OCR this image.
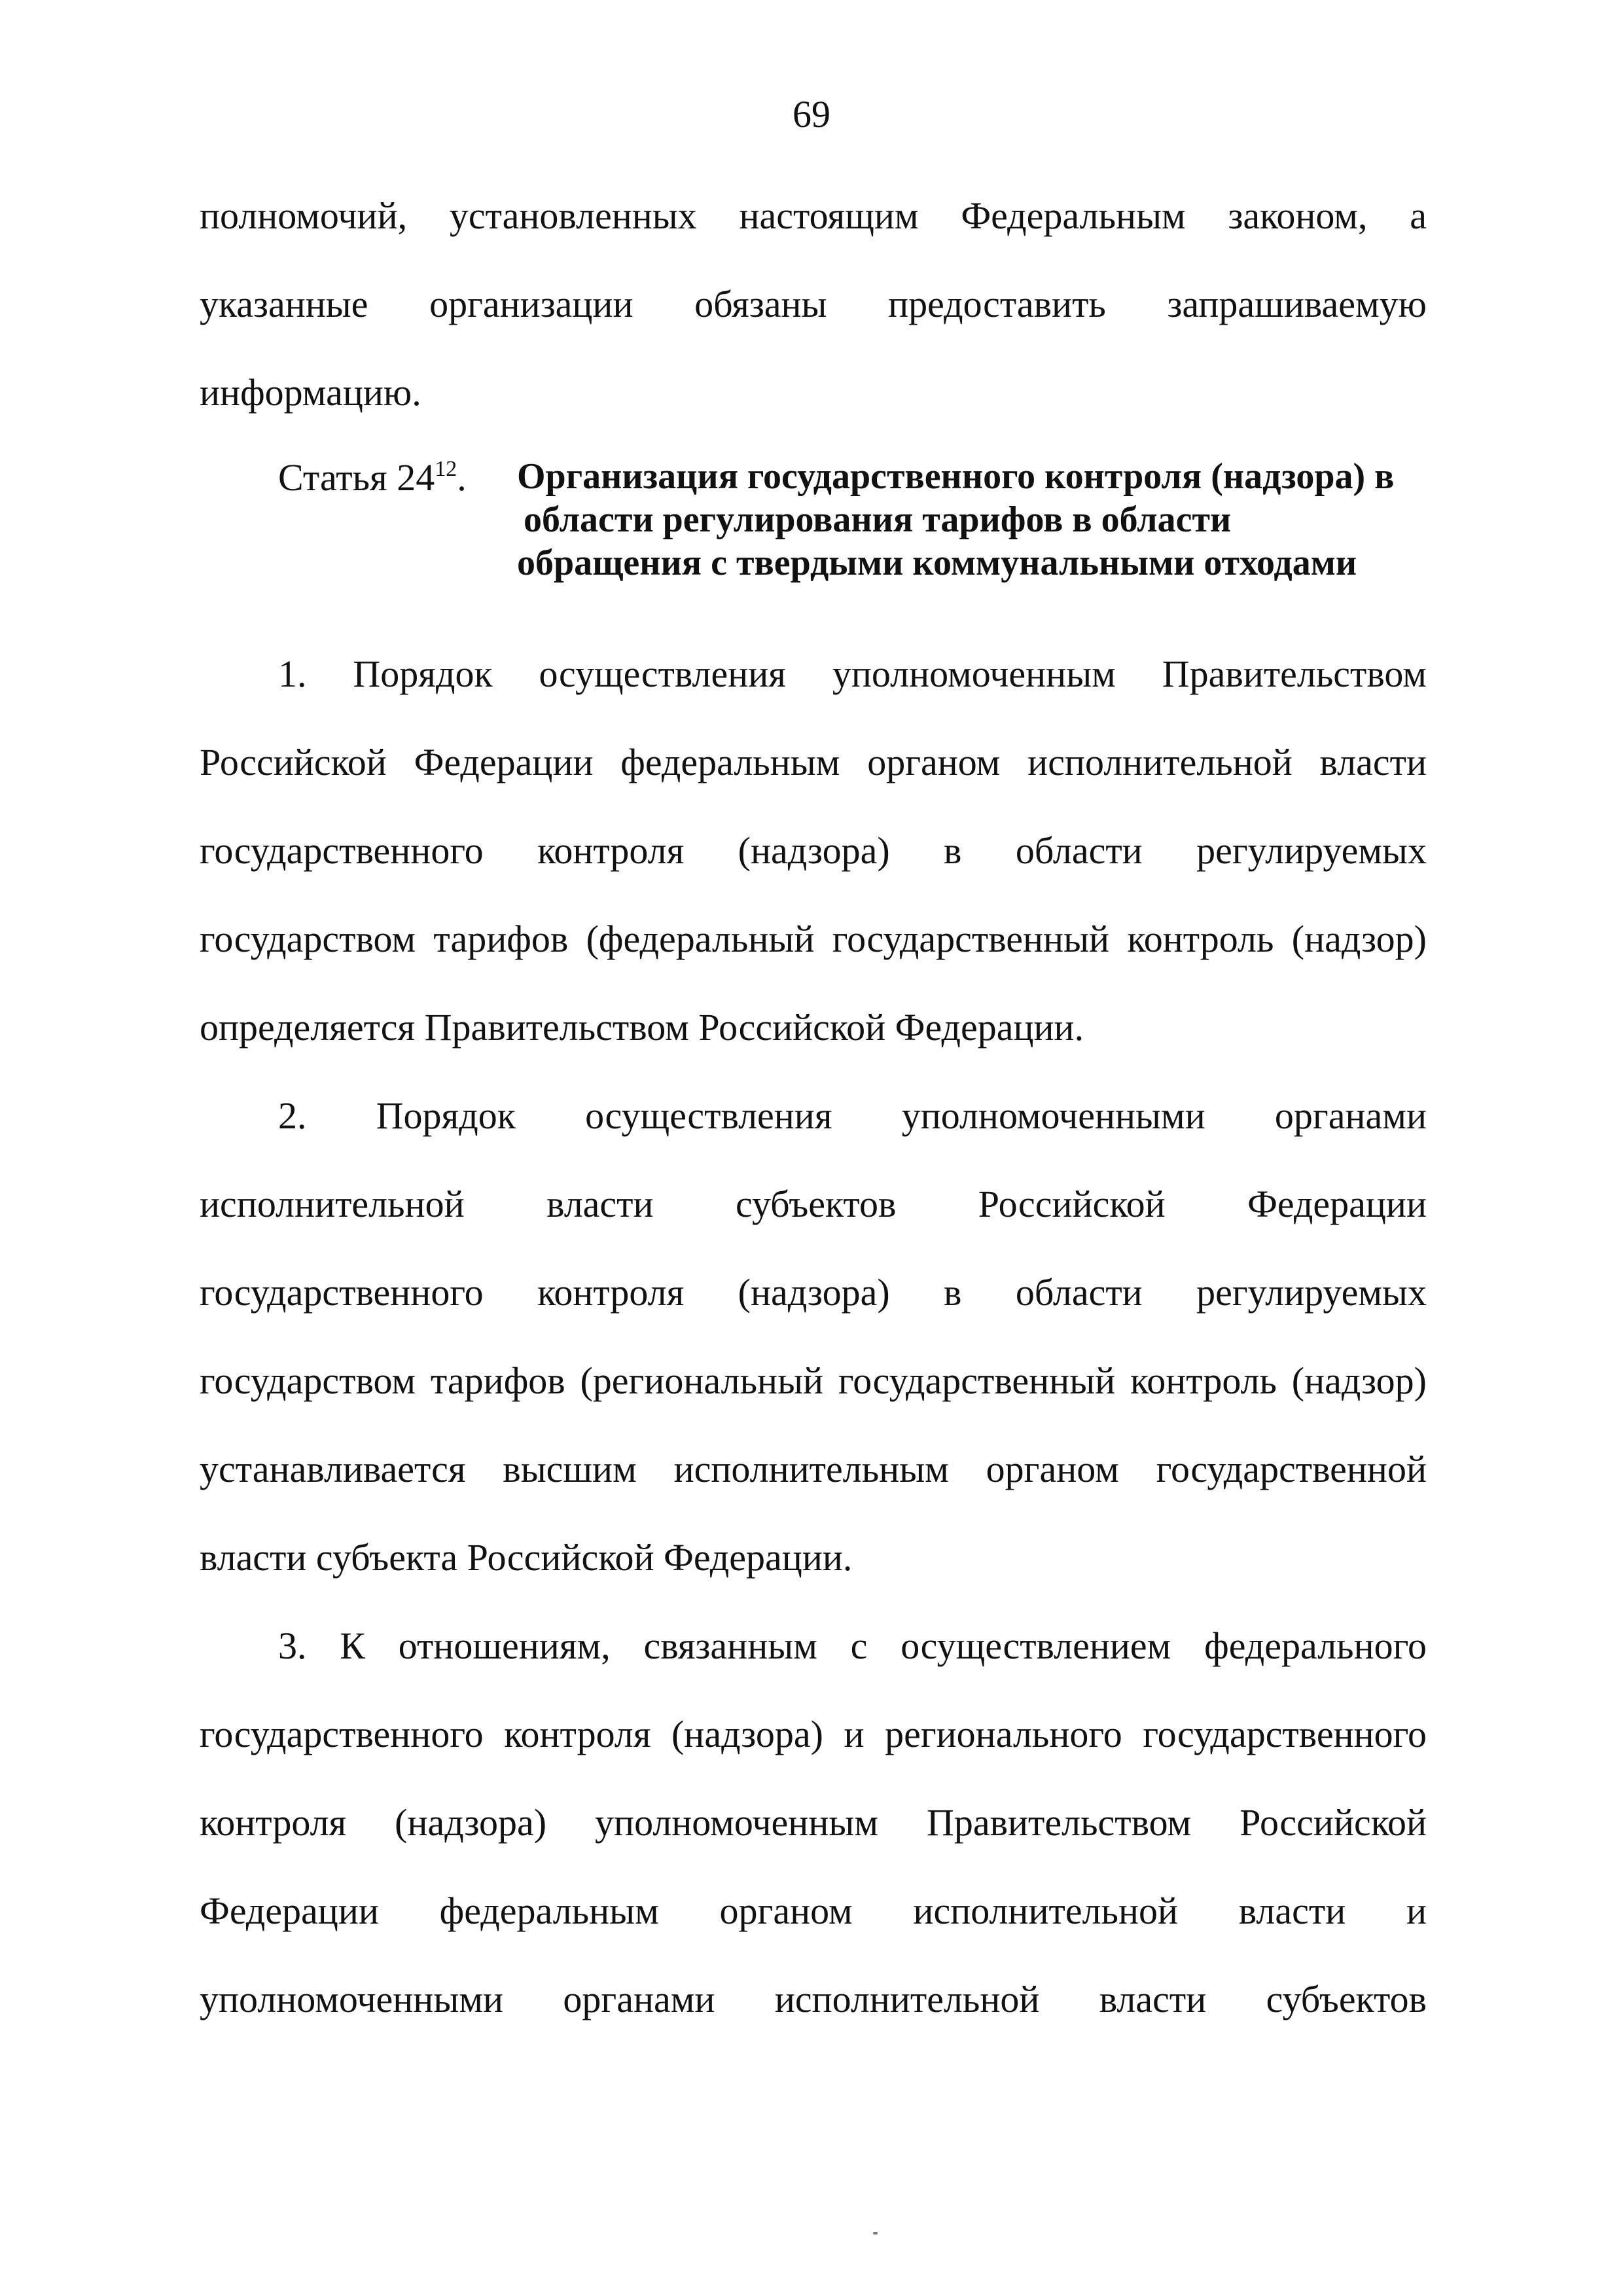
69
полномочий, установленных настоящим Федеральным законом, а
указанные организации обязаны предоставить запрашиваемую
информацию.
Статья $24^{12}$.	Организация государственного контроля (надзора) в
области регулирования тарифов в области
обращения с твердыми коммунальными отходами
1. Порядок осуществления уполномоченным Правительством
Российской Федерации федеральным органом исполнительной власти
государственного контроля (надзора) в области регулируемых
государством тарифов (федеральный государственный контроль (надзор)
определяется Правительством Российской Федерации.
2. Порядок осуществления уполномоченными органами
исполнительной власти субъектов Российской Федерации
государственного контроля (надзора) в области регулируемых
государством тарифов (региональный государственный контроль (надзор)
устанавливается высшим исполнительным органом государственной
власти субъекта Российской Федерации.
3. К отношениям, связанным с осуществлением федерального
государственного контроля (надзора) и регионального государственного
контроля (надзора) уполномоченным Правительством Российской
Федерации федеральным органом исполнительной власти и
уполномоченными органами исполнительной власти субъектов
